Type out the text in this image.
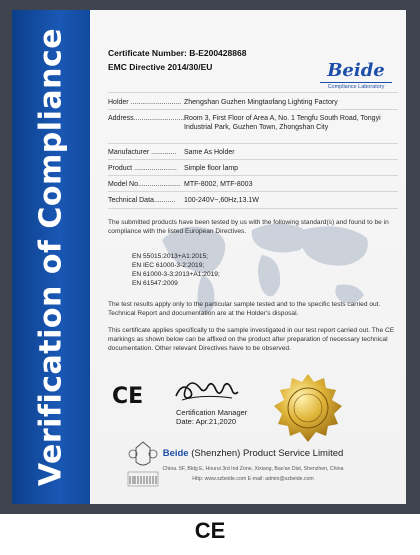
Verification of Compliance	Certificate Number: B-E200428868
EMC Directive 2014/30/EU	Beide
Compliance Laboratory
Holder .......................... Zhengshan Guzhen Mingtaofang Lighting Factory
Address...........................
Room 3, First Floor of Area A, No. 1 Tengfu South Road, Tongyi Industrial Park, Guzhen Town, Zhongshan City
Manufacturer .............	Same As Holder
Product ......................	Simple floor lamp
Model No...................... MTF-8002, MTF-8003
Technical Data...........	100-240V~,60Hz,13.1W
The submitted products have been tested by us with the following standard(s) and found to be in compliance with the listed European Directives.
EN 55015:2013+A1:2015;
EN IEC 61000-3-2:2019;
EN 61000-3-3:2013+A1:2019;
EN 61547:2009
The test results apply only to the particular sample tested and to the specific tests carried out. Technical Report and documentation are at the Holder's disposal.
This certificate applies specifically to the sample investigated in our test report carried out. The CE markings as shown below can be affixed on the product after preparation of necessary technical documentation. Other relevant Directives have to be observed.
CE
Certification Manager
Date: Apr.21,2020
Beide (Shenzhen) Product Service Limited
China. 5F, Bldg E, Hourui 3rd Ind Zone, Xixiang, Bao'an Dist, Shenzhen, China
Http: www.szbeide.com E-mail: admin@szbeide.com
CE
